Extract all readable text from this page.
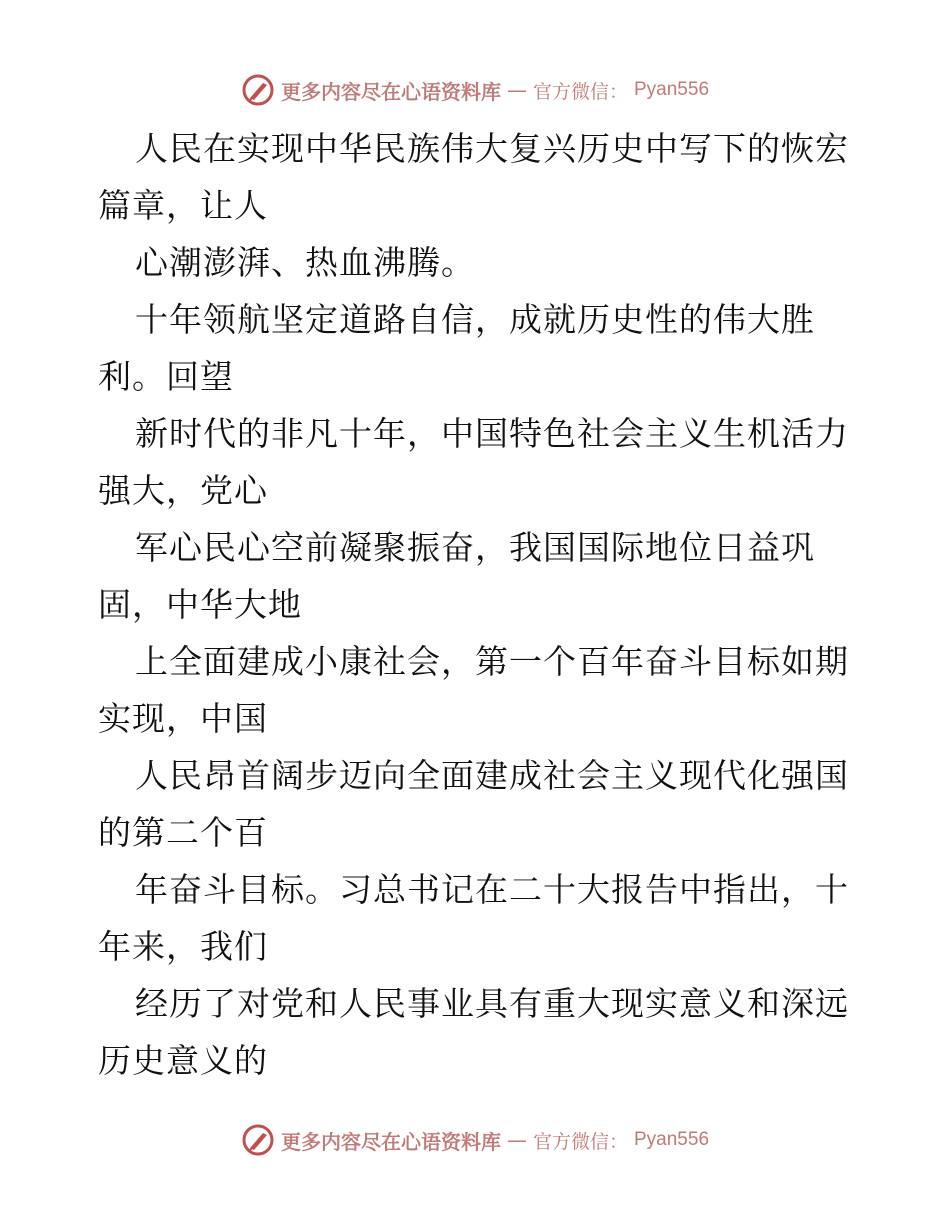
更多内容尽在心语资料库 — 官方微信： Pyan556
人民在实现中华民族伟大复兴历史中写下的恢宏
篇章，让人
心潮澎湃、热血沸腾。
十年领航坚定道路自信，成就历史性的伟大胜
利。回望
新时代的非凡十年，中国特色社会主义生机活力
强大，党心
军心民心空前凝聚振奋，我国国际地位日益巩
固，中华大地
上全面建成小康社会，第一个百年奋斗目标如期
实现，中国
人民昂首阔步迈向全面建成社会主义现代化强国
的第二个百
年奋斗目标。习总书记在二十大报告中指出，十
年来，我们
经历了对党和人民事业具有重大现实意义和深远
历史意义的
更多内容尽在心语资料库 — 官方微信： Pyan556
